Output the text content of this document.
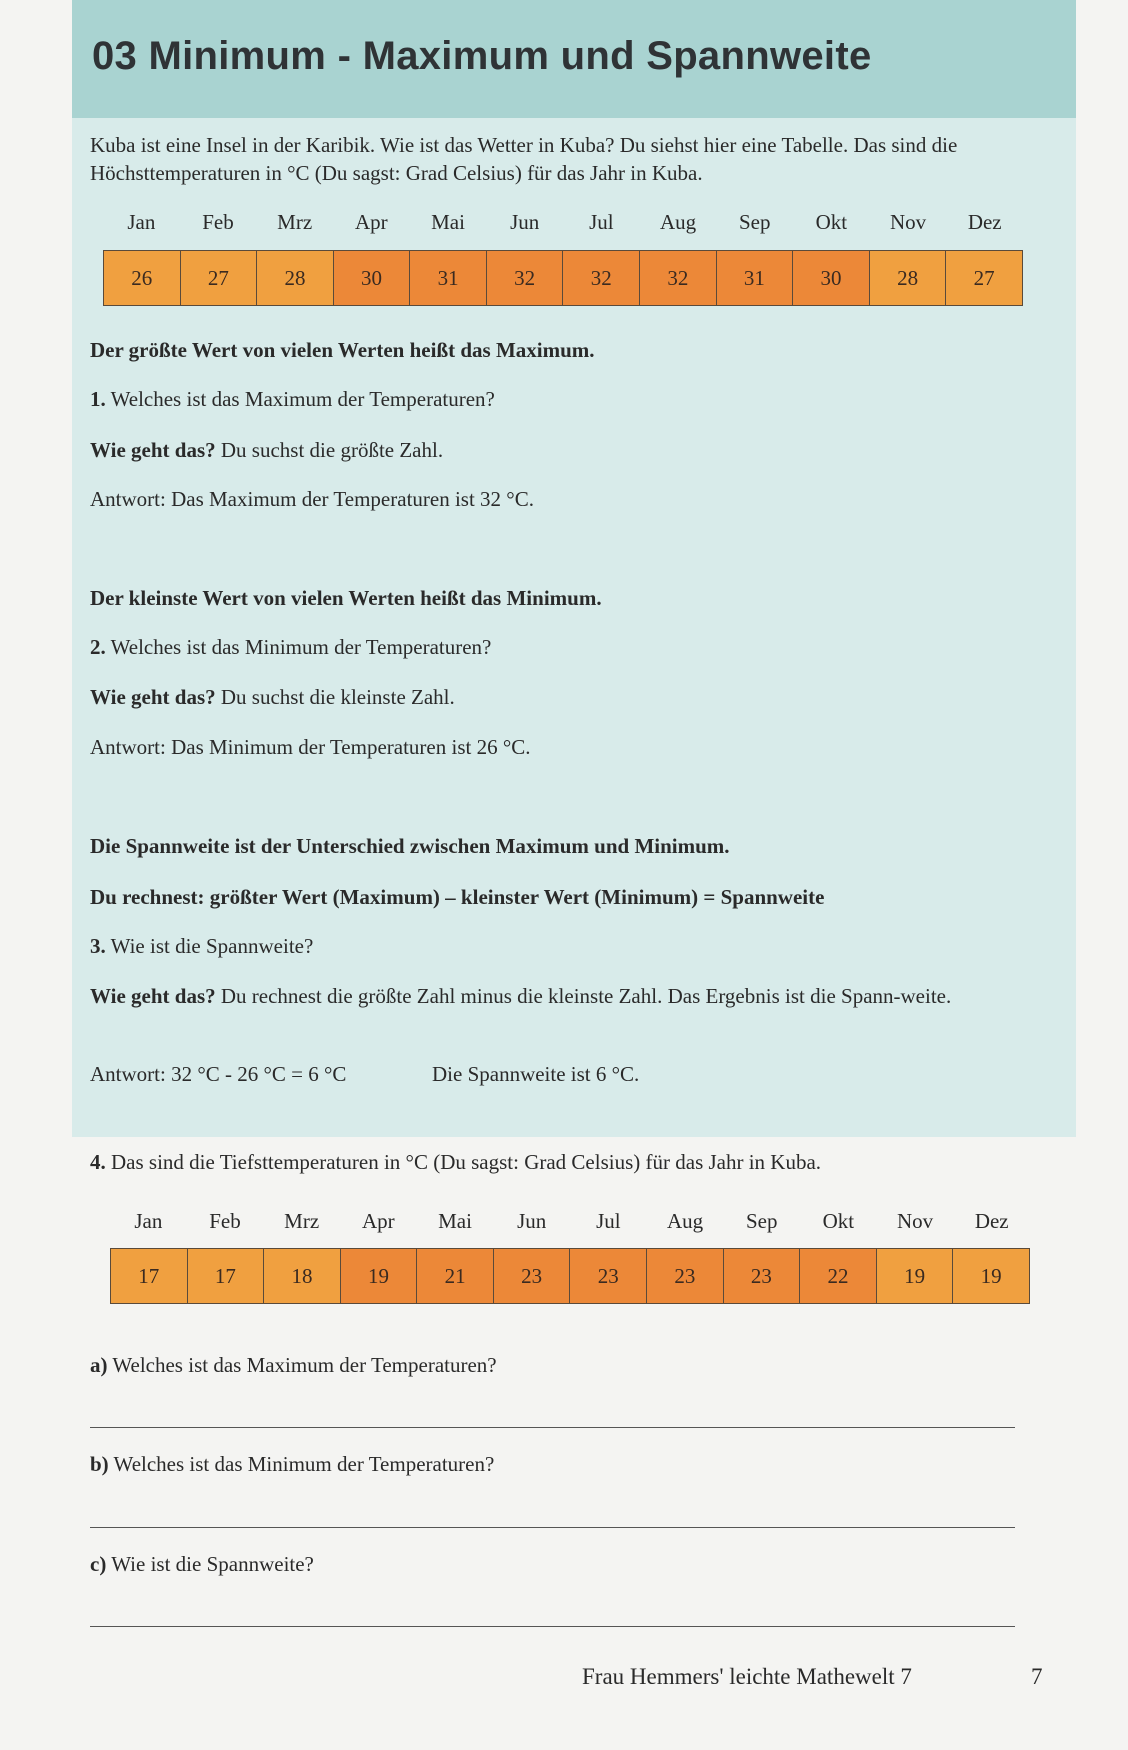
03 Minimum - Maximum und Spannweite

Kuba ist eine Insel in der Karibik. Wie ist das Wetter in Kuba? Du siehst hier eine Tabelle. Das sind die Höchsttemperaturen in °C (Du sagst: Grad Celsius) für das Jahr in Kuba.

Jan	Feb	Mrz	Apr	Mai	Jun	Jul	Aug	Sep	Okt	Nov	Dez
26	27	28	30	31	32	32	32	31	30	28	27

Der größte Wert von vielen Werten heißt das Maximum.

1. Welches ist das Maximum der Temperaturen?

Wie geht das? Du suchst die größte Zahl.

Antwort: Das Maximum der Temperaturen ist 32 °C.

Der kleinste Wert von vielen Werten heißt das Minimum.

2. Welches ist das Minimum der Temperaturen?

Wie geht das? Du suchst die kleinste Zahl.

Antwort: Das Minimum der Temperaturen ist 26 °C.

Die Spannweite ist der Unterschied zwischen Maximum und Minimum.

Du rechnest: größter Wert (Maximum) – kleinster Wert (Minimum) = Spannweite

3. Wie ist die Spannweite?

Wie geht das? Du rechnest die größte Zahl minus die kleinste Zahl. Das Ergebnis ist die Spann-weite.

Antwort: 32 °C - 26 °C = 6 °C	Die Spannweite ist 6 °C.

4. Das sind die Tiefsttemperaturen in °C (Du sagst: Grad Celsius) für das Jahr in Kuba.

Jan	Feb	Mrz	Apr	Mai	Jun	Jul	Aug	Sep	Okt	Nov	Dez
17	17	18	19	21	23	23	23	23	22	19	19

a) Welches ist das Maximum der Temperaturen?

b) Welches ist das Minimum der Temperaturen?

c) Wie ist die Spannweite?

Frau Hemmers' leichte Mathewelt 7	7
